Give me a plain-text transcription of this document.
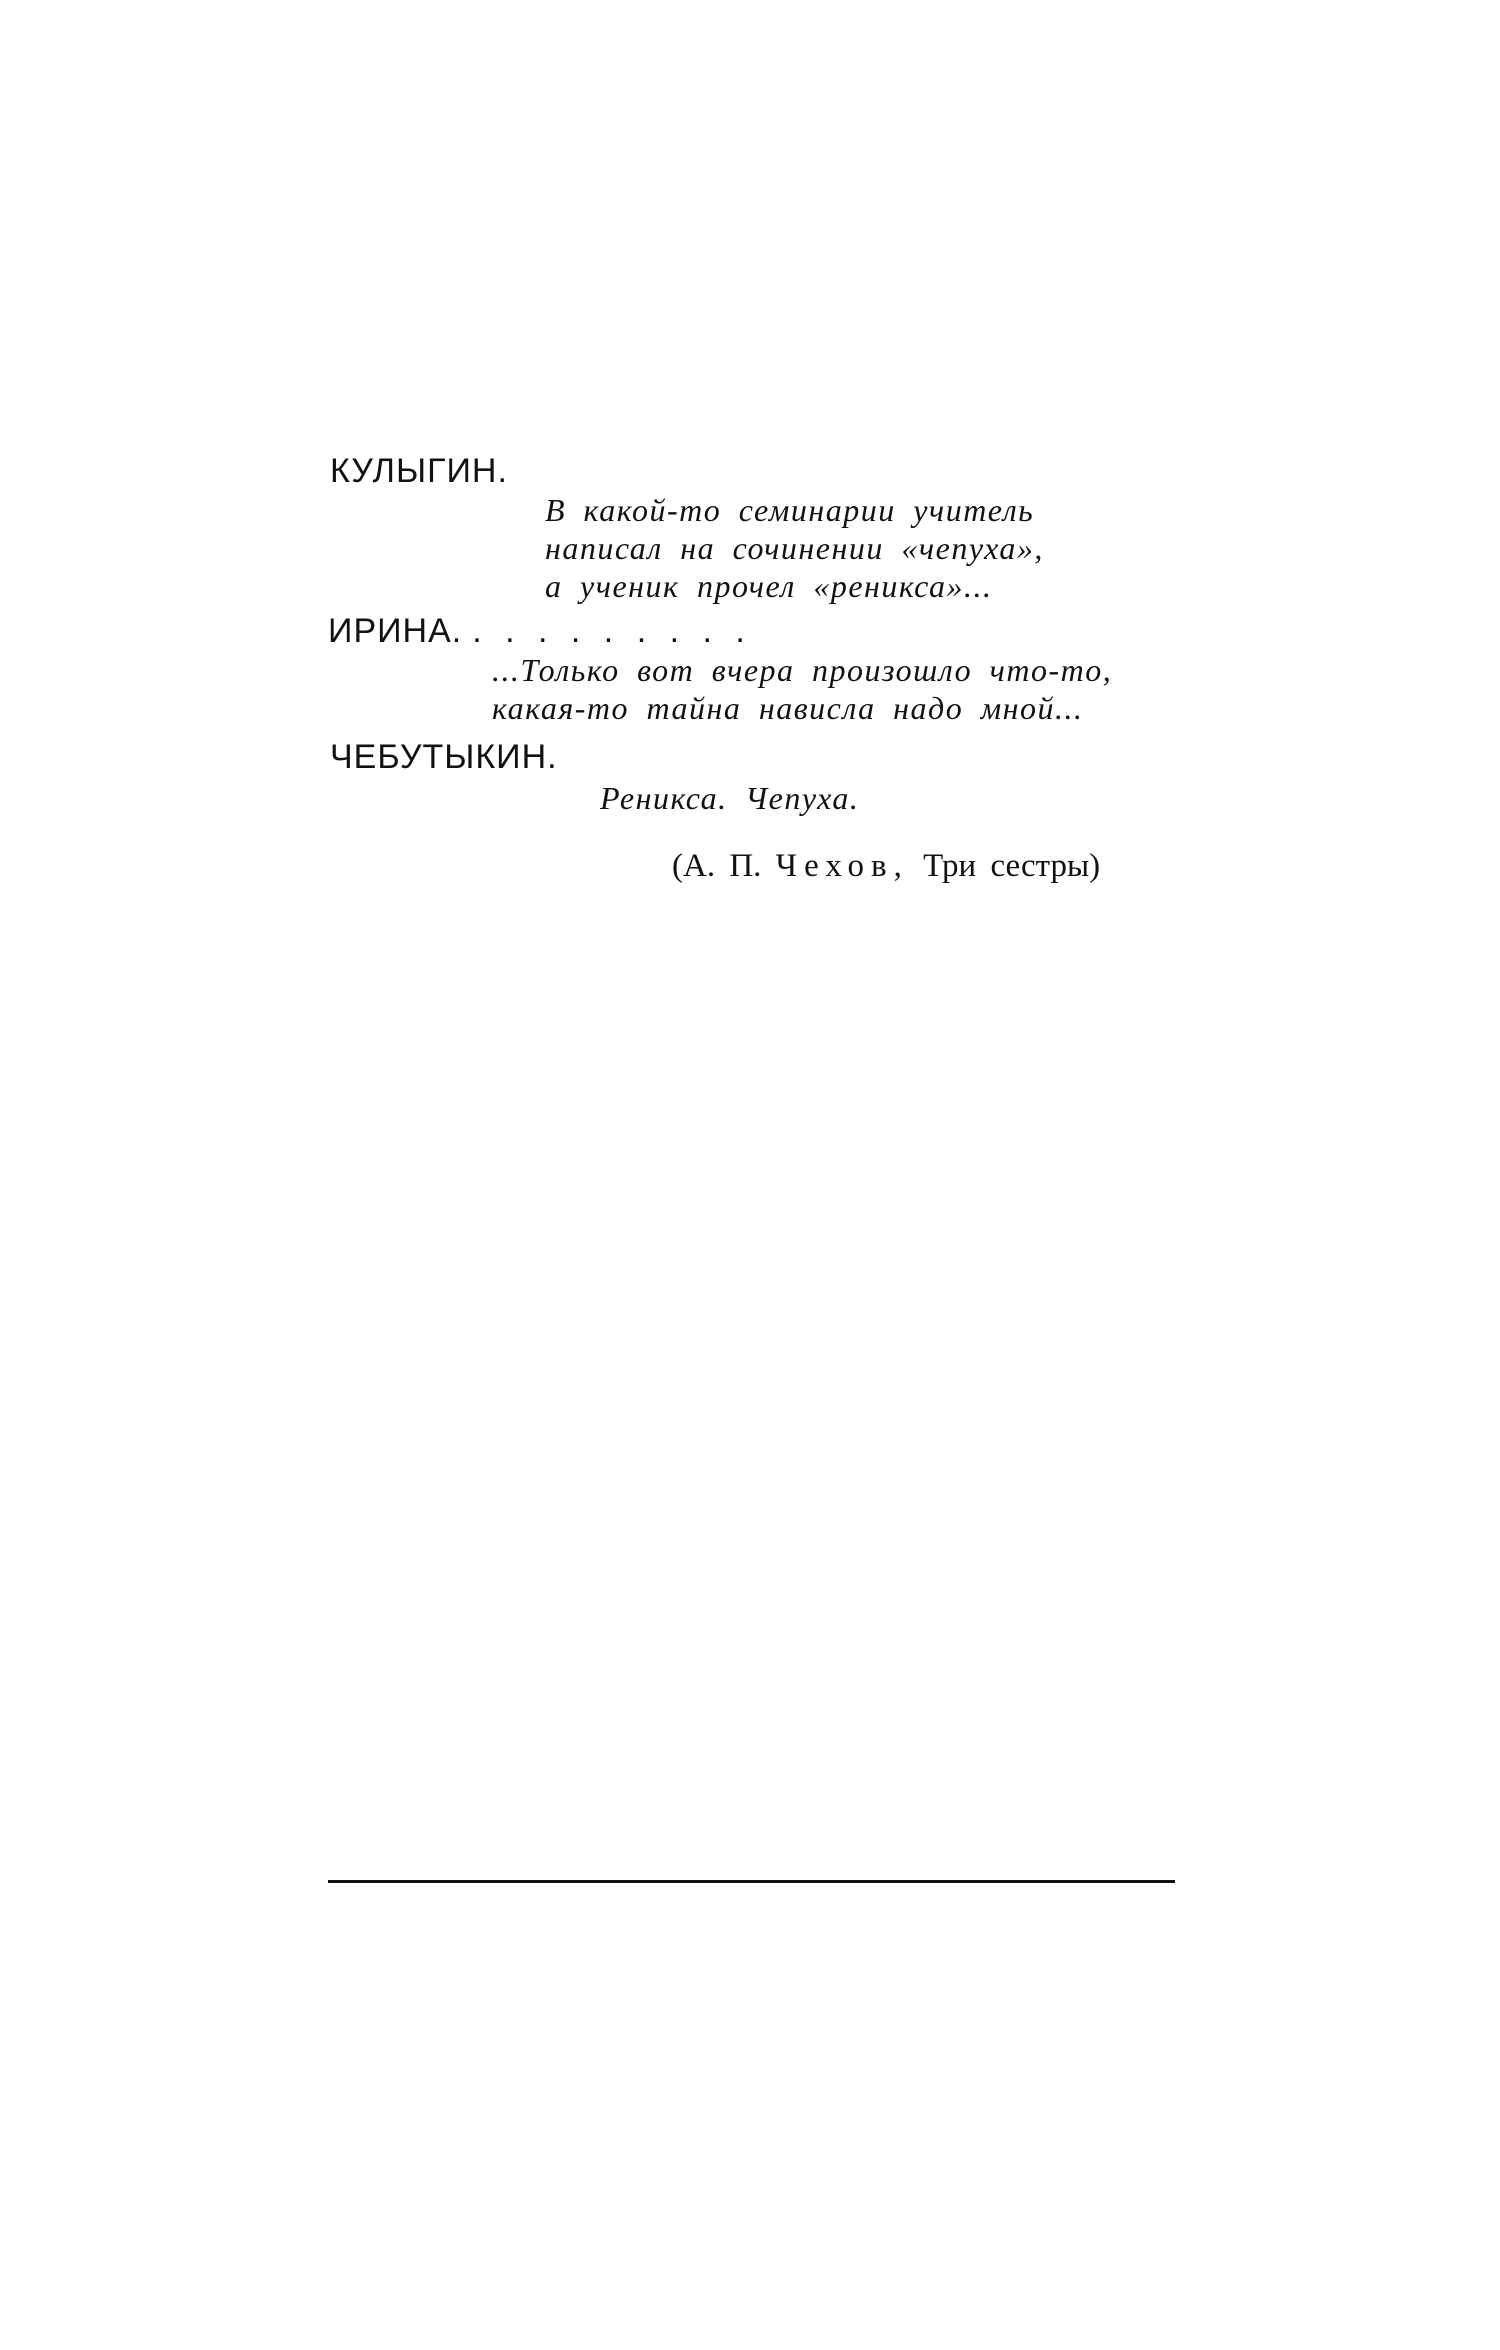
КУЛЫГИН.
В какой-то семинарии учитель
написал на сочинении «чепуха»,
а ученик прочел «реникса»...
ИРИНА. . . . . . . . . .
...Только вот вчера произошло что-то,
какая-то тайна нависла надо мной...
ЧЕБУТЫКИН.
Реникса. Чепуха.
(А. П. Чехов, Три сестры)
